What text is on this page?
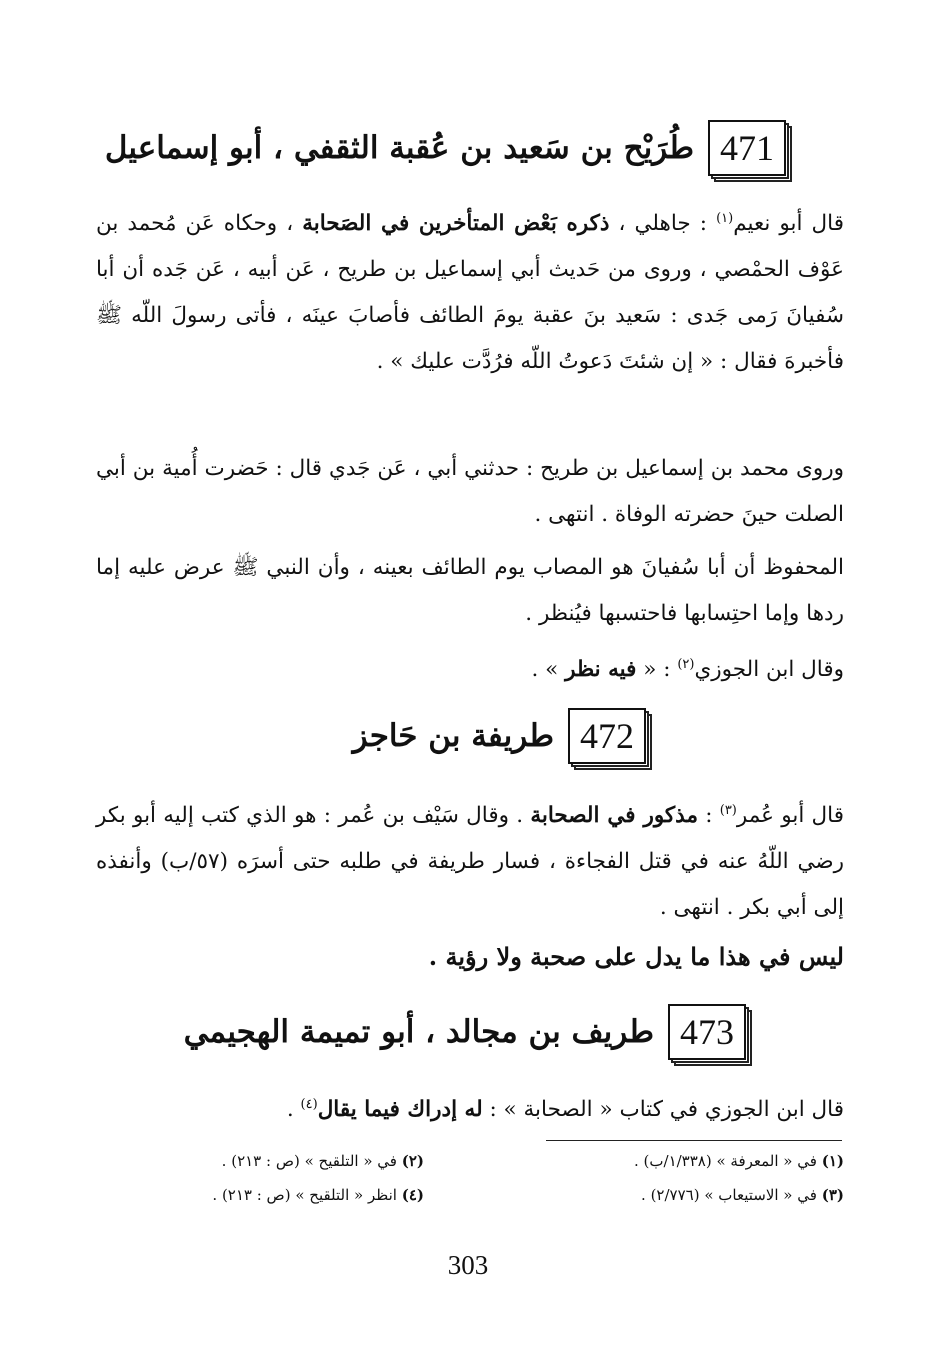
471
طُرَيْح بن سَعيد بن عُقبة الثقفي ، أبو إسماعيل
قال أبو نعيم$^{(١)}$ : جاهلي ، ذكره بَعْض المتأخرين في الصَحابة ، وحكاه عَن مُحمد بن عَوْف الحمْصي ، وروى من حَديث أبي إسماعيل بن طريح ، عَن أبيه ، عَن جَده أن أبا سُفيانَ رَمى جَدى : سَعيد بنَ عقبة يومَ الطائف فأصابَ عينَه ، فأتى رسولَ اللّه ﷺ فأخبرهَ فقال : « إن شئتَ دَعوتُ اللّه فرُدَّت عليك » .
وروى محمد بن إسماعيل بن طريح : حدثني أبي ، عَن جَدي قال : حَضرت أُمية بن أبي الصلت حينَ حضرته الوفاة . انتهى .
المحفوظ أن أبا سُفيانَ هو المصاب يوم الطائف بعينه ، وأن النبي ﷺ عرض عليه إما ردها وإما احتِسابها فاحتسبها فيُنظر .
وقال ابن الجوزي$^{(٢)}$ : « فيه نظر » .
472
طريفة بن حَاجز
قال أبو عُمر$^{(٣)}$ : مذكور في الصحابة . وقال سَيْف بن عُمر : هو الذي كتب إليه أبو بكر رضي اللّهُ عنه في قتل الفجاءة ، فسار طريفة في طلبه حتى أسرَه (٥٧/ب) وأنفذه إلى أبي بكر . انتهى .
ليس في هذا ما يدل على صحبة ولا رؤية .
473
طريف بن مجالد ، أبو تميمة الهجيمي
قال ابن الجوزي في كتاب « الصحابة » : له إدراك فيما يقال$^{(٤)}$ .
(١) في « المعرفة » (١/٣٣٨/ب) .
(٢) في « التلقيح » (ص : ٢١٣) .
(٣) في « الاستيعاب » (٢/٧٧٦) .
(٤) انظر « التلقيح » (ص : ٢١٣) .
303
